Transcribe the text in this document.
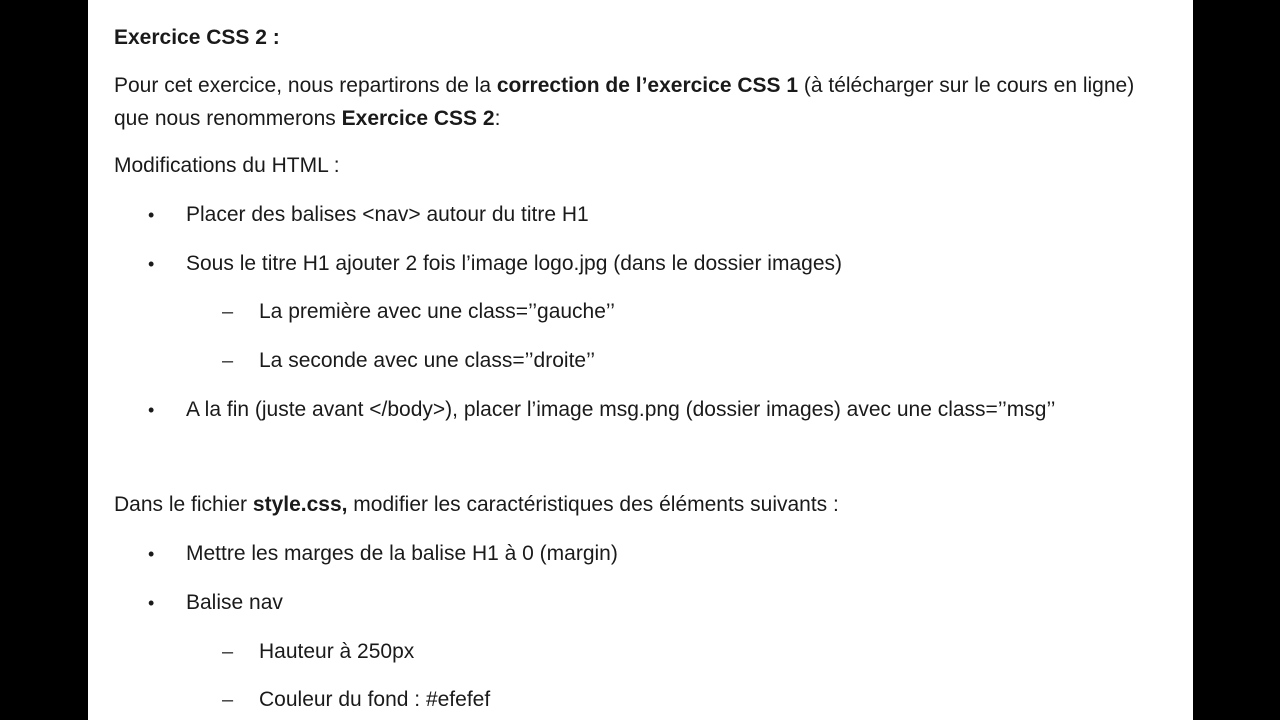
Exercice CSS 2 :
Pour cet exercice, nous repartirons de la correction de l’exercice CSS 1 (à télécharger sur le cours en ligne)
que nous renommerons Exercice CSS 2:
Modifications du HTML :
• Placer des balises <nav> autour du titre H1
• Sous le titre H1 ajouter 2 fois l’image logo.jpg (dans le dossier images)
– La première avec une class=’’gauche’’
– La seconde avec une class=’’droite’’
• A la fin (juste avant </body>), placer l’image msg.png (dossier images) avec une class=’’msg’’
Dans le fichier style.css, modifier les caractéristiques des éléments suivants :
• Mettre les marges de la balise H1 à 0 (margin)
• Balise nav
– Hauteur à 250px
– Couleur du fond : #efefef
